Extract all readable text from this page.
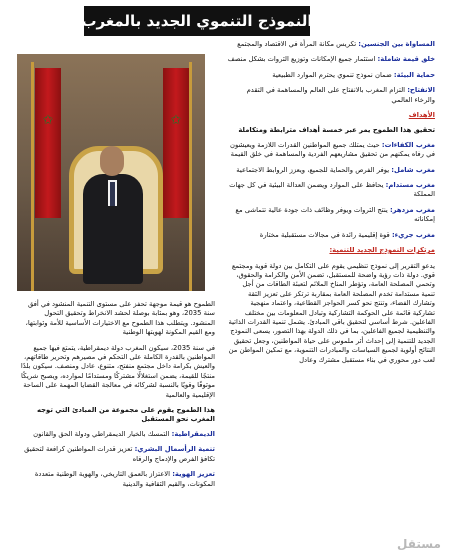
النموذج التنموي الجديد بالمغرب
✩	✩
المساواة بين الجنسين: تكريس مكانة المرأة في الاقتصاد والمجتمع
خلق قيمة شاملة: استثمار جميع الإمكانات وتوزيع الثروات بشكل منصف
حماية البيئة: ضمان نموذج تنموي يحترم الموارد الطبيعية
الانفتاح: التزام المغرب بالانفتاح على العالم والمساهمة في التقدم والرخاء العالمي
الأهداف
تحقيق هذا الطموح يمر عبر خمسة أهداف مترابطة ومتكاملة
مغرب الكفاءات: حيث يمتلك جميع المواطنين القدرات اللازمة ويعيشون في رفاه يمكنهم من تحقيق مشاريعهم الفردية والمساهمة في خلق القيمة
مغرب شامل: يوفر الفرص والحماية للجميع، ويعزز الروابط الاجتماعية
مغرب مستدام: يحافظ على الموارد ويضمن العدالة البيئية في كل جهات المملكة
مغرب مزدهر: ينتج الثروات ويوفر وظائف ذات جودة عالية تتماشى مع إمكاناته
مغرب جريء: قوة إقليمية رائدة في مجالات مستقبلية مختارة
مرتكزات النموذج الجديد للتنمية:
يدعو التقرير إلى نموذج تنظيمي يقوم على التكامل بين دولة قوية ومجتمع قوي. دولة ذات رؤية واضحة للمستقبل، تضمن الأمن والكرامة والحقوق، وتحمي المصلحة العامة، وتؤطر المناخ الملائم لتعبئة الطاقات من أجل تنمية مستدامة تخدم المصلحة العامة بمقاربة ترتكز على تعزيز الثقة وتشارك الفضاء، وتنتج نحو كسر الحواجز القطاعية، واعتماد منهجية تشاركية قائمة على الحوكمة التشاركية وتبادل المعلومات بين مختلف الفاعلين. شرط أساسي لتحقيق باقي المبادئ. يشمل تنمية القدرات الذاتية والتنظيمية لجميع الفاعلين، بما في ذلك الدولة بهذا التصور، يسعى النموذج الجديد للتنمية إلى إحداث أثر ملموس على حياة المواطنين، وجعل تحقيق النتائج أولوية لجميع السياسات والمبادرات التنموية، مع تمكين المواطن من لعب دور محوري في بناء مستقبل مشترك وعادل
الطموح هو قيمة موجهة تحفز على مستوى التنمية المنشود في أفق سنة 2035، وهو بمثابة بوصلة لحشد الانخراط وتحقيق التحول المنشود. ويتطلب هذا الطموح مع الاختيارات الأساسية للأمة وثوابتها، ومع القيم المكونة لهويتها الوطنية
في سنة 2035، سيكون المغرب دولة ديمقراطية، يتمتع فيها جميع المواطنين بالقدرة الكاملة على التحكم في مصيرهم وتحرير طاقاتهم، والعيش بكرامة داخل مجتمع منفتح، متنوع، عادل ومنصف. سيكون بلدًا منتجًا للقيمة، يضمن استغلالًا مشتركًا ومستدامًا لموارده، ويصبح شريكًا موثوقًا وقويًا بالنسبة لشركائه في معالجة القضايا المهمة على الساحة الإقليمية والعالمية
هذا الطموح يقوم على مجموعة من المبادئ التي توجه المغرب نحو المستقبل
الديمقراطية: التمسك بالخيار الديمقراطي ودولة الحق والقانون
تنمية الرأسمال البشري: تعزيز قدرات المواطنين كرافعة لتحقيق تكافؤ الفرص والإدماج والرفاه
تعزيز الهوية: الاعتزاز بالعمق التاريخي، والهوية الوطنية متعددة المكونات، والقيم الثقافية والدينية
مستقل
